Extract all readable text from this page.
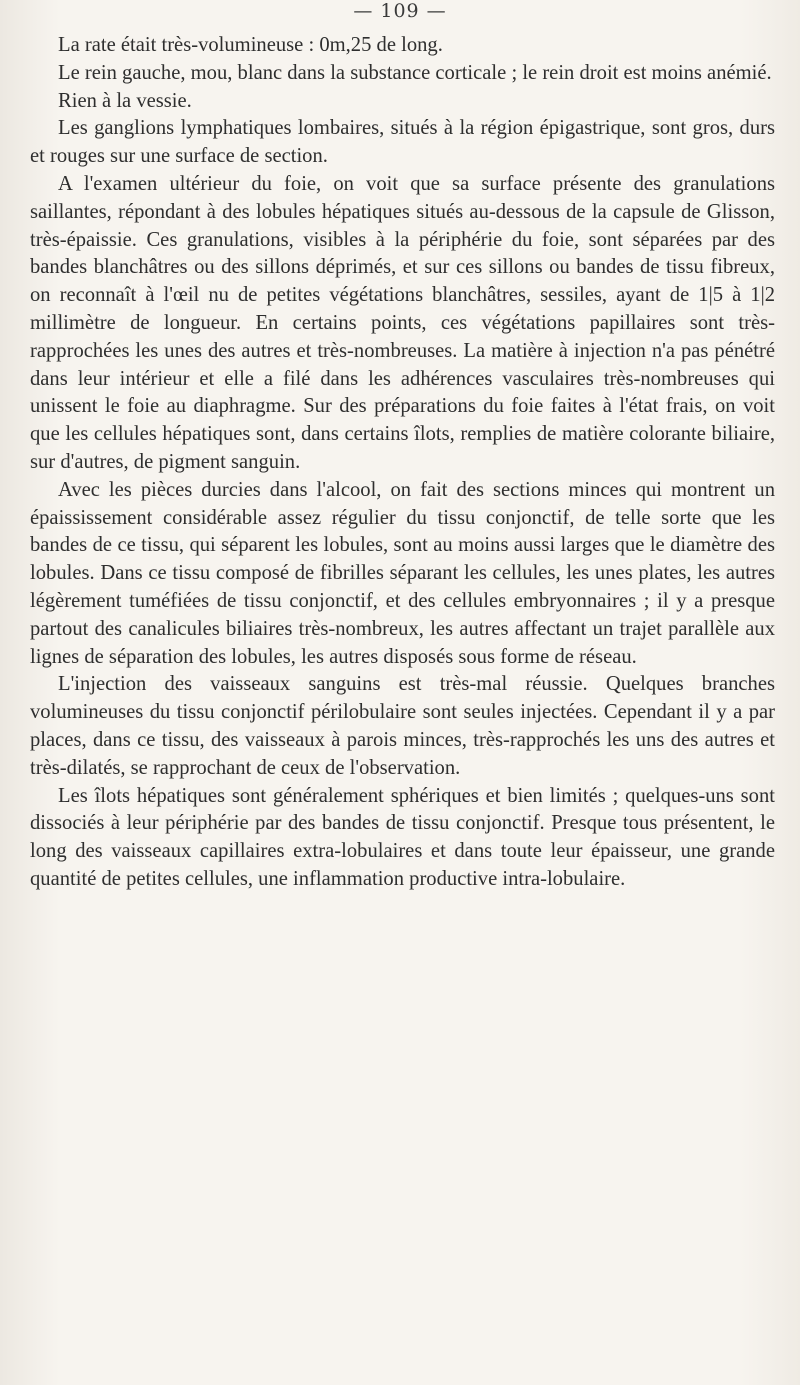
— 109 —

La rate était très-volumineuse : 0m,25 de long.

Le rein gauche, mou, blanc dans la substance corticale ; le rein droit est moins anémié.

Rien à la vessie.

Les ganglions lymphatiques lombaires, situés à la région épigastrique, sont gros, durs et rouges sur une surface de section.

A l'examen ultérieur du foie, on voit que sa surface présente des granulations saillantes, répondant à des lobules hépatiques situés au-dessous de la capsule de Glisson, très-épaissie. Ces granulations, visibles à la périphérie du foie, sont séparées par des bandes blanchâtres ou des sillons déprimés, et sur ces sillons ou bandes de tissu fibreux, on reconnaît à l'œil nu de petites végétations blanchâtres, sessiles, ayant de 1|5 à 1|2 millimètre de longueur. En certains points, ces végétations papillaires sont très-rapprochées les unes des autres et très-nombreuses. La matière à injection n'a pas pénétré dans leur intérieur et elle a filé dans les adhérences vasculaires très-nombreuses qui unissent le foie au diaphragme. Sur des préparations du foie faites à l'état frais, on voit que les cellules hépatiques sont, dans certains îlots, remplies de matière colorante biliaire, sur d'autres, de pigment sanguin.

Avec les pièces durcies dans l'alcool, on fait des sections minces qui montrent un épaississement considérable assez régulier du tissu conjonctif, de telle sorte que les bandes de ce tissu, qui séparent les lobules, sont au moins aussi larges que le diamètre des lobules. Dans ce tissu composé de fibrilles séparant les cellules, les unes plates, les autres légèrement tuméfiées de tissu conjonctif, et des cellules embryonnaires ; il y a presque partout des canalicules biliaires très-nombreux, les autres affectant un trajet parallèle aux lignes de séparation des lobules, les autres disposés sous forme de réseau.

L'injection des vaisseaux sanguins est très-mal réussie. Quelques branches volumineuses du tissu conjonctif périlobulaire sont seules injectées. Cependant il y a par places, dans ce tissu, des vaisseaux à parois minces, très-rapprochés les uns des autres et très-dilatés, se rapprochant de ceux de l'observation.

Les îlots hépatiques sont généralement sphériques et bien limités ; quelques-uns sont dissociés à leur périphérie par des bandes de tissu conjonctif. Presque tous présentent, le long des vaisseaux capillaires extra-lobulaires et dans toute leur épaisseur, une grande quantité de petites cellules, une inflammation productive intra-lobulaire.
